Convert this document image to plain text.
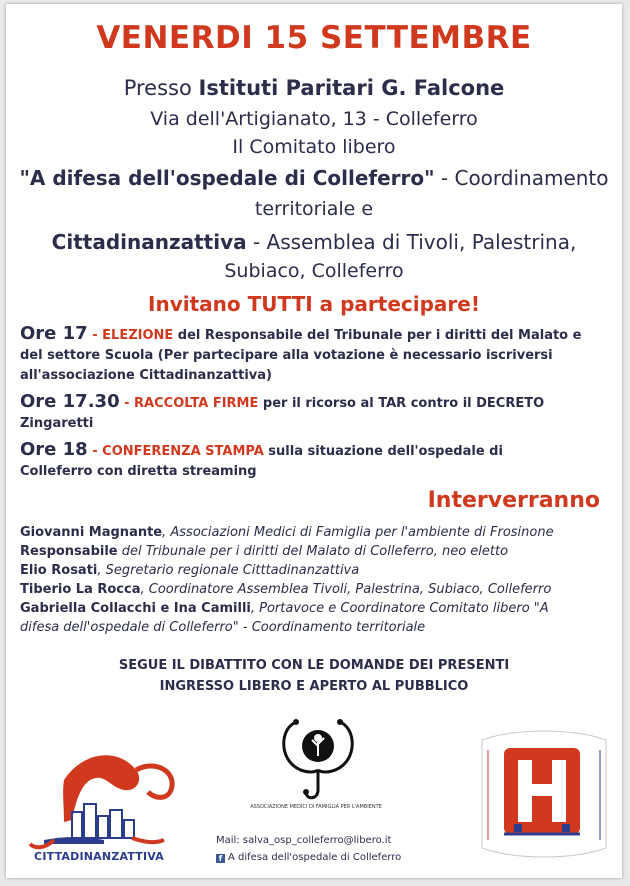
VENERDI 15 SETTEMBRE
Presso Istituti Paritari G. Falcone
Via dell'Artigianato, 13 - Colleferro
Il Comitato libero
"A difesa dell'ospedale di Colleferro" - Coordinamento
territoriale e
Cittadinanzattiva - Assemblea di Tivoli, Palestrina,
Subiaco, Colleferro
Invitano TUTTI a partecipare!
Ore 17 - ELEZIONE del Responsabile del Tribunale per i diritti del Malato e
del settore Scuola (Per partecipare alla votazione è necessario iscriversi
all'associazione Cittadinanzattiva)
Ore 17.30 - RACCOLTA FIRME per il ricorso al TAR contro il DECRETO
Zingaretti
Ore 18 - CONFERENZA STAMPA sulla situazione dell'ospedale di
Colleferro con diretta streaming
Interverranno
Giovanni Magnante, Associazioni Medici di Famiglia per l'ambiente di Frosinone
Responsabile del Tribunale per i diritti del Malato di Colleferro, neo eletto
Elio Rosati, Segretario regionale Citttadinanzattiva
Tiberio La Rocca, Coordinatore Assemblea Tivoli, Palestrina, Subiaco, Colleferro
Gabriella Collacchi e Ina Camilli, Portavoce e Coordinatore Comitato libero "A
difesa dell'ospedale di Colleferro" - Coordinamento territoriale
SEGUE IL DIBATTITO CON LE DOMANDE DEI PRESENTI
INGRESSO LIBERO E APERTO AL PUBBLICO
CITTADINANZATTIVA
ASSOCIAZIONE MEDICI DI FAMIGLIA PER L'AMBIENTE
Mail: salva_osp_colleferro@libero.it
f A difesa dell'ospedale di Colleferro
